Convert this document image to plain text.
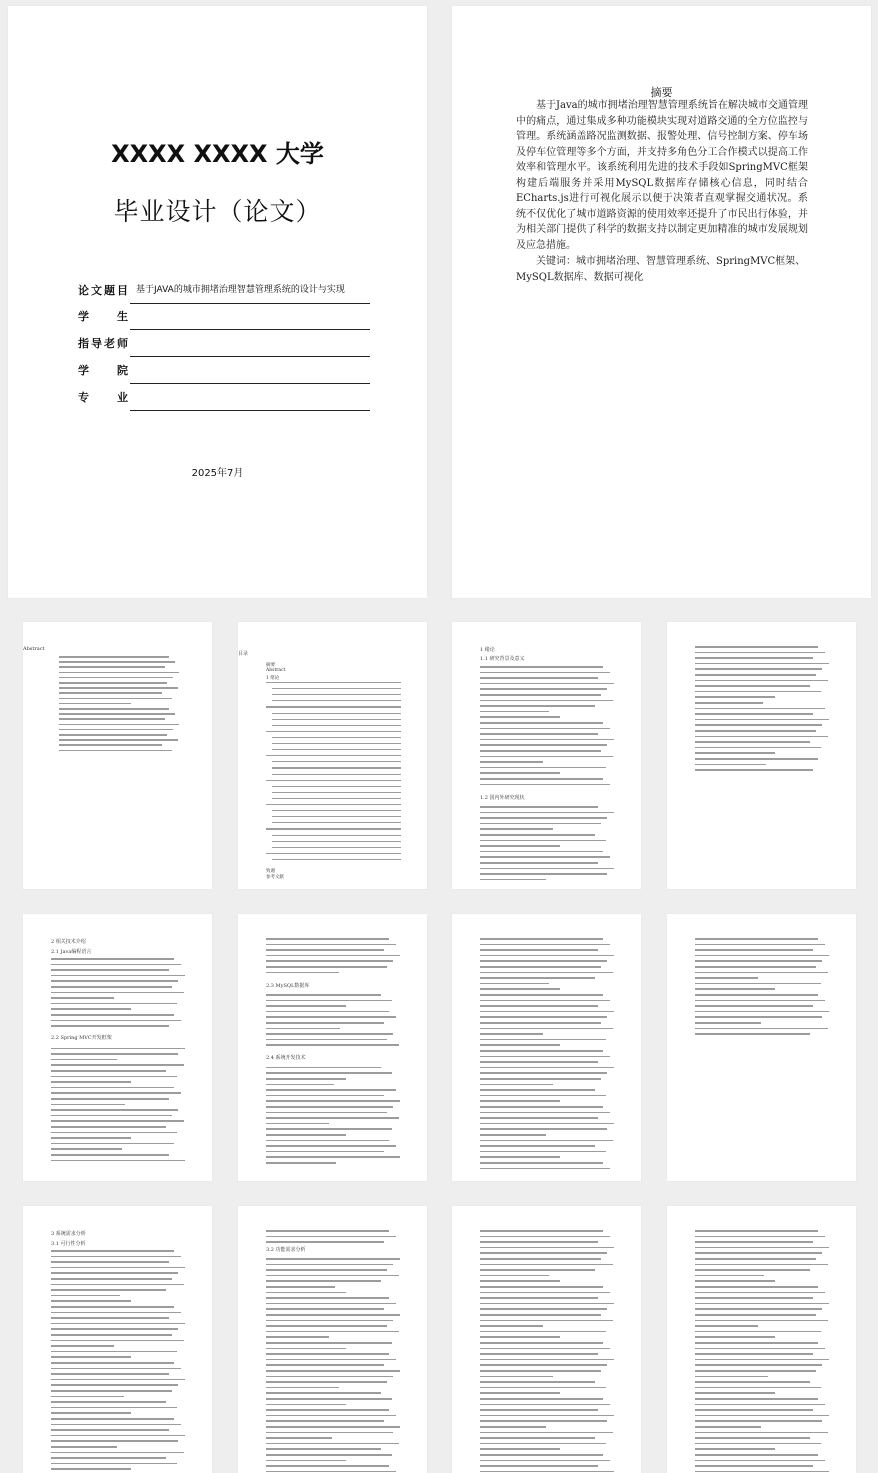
XXXX XXXX 大学
毕业设计（论文）
论文题目 基于JAVA的城市拥堵治理智慧管理系统的设计与实现
学生
指导老师
学院
专业
2025年7月
摘要

基于Java的城市拥堵治理智慧管理系统旨在解决城市交通管理中的痛点，通过集成多种功能模块实现对道路交通的全方位监控与管理。系统涵盖路况监测数据、报警处理、信号控制方案、停车场及停车位管理等多个方面，并支持多角色分工合作模式以提高工作效率和管理水平。该系统利用先进的技术手段如SpringMVC框架构建后端服务并采用MySQL数据库存储核心信息，同时结合ECharts.js进行可视化展示以便于决策者直观掌握交通状况。系统不仅优化了城市道路资源的使用效率还提升了市民出行体验，并为相关部门提供了科学的数据支持以制定更加精准的城市发展规划及应急措施。

关键词：城市拥堵治理、智慧管理系统、SpringMVC框架、MySQL数据库、数据可视化

Abstract
目录
摘要
Abstract
1 绪论
致谢
参考文献
1 绪论
1.1 研究背景及意义
1.2 国内外研究现状
2 相关技术介绍
2.1 Java编程语言
2.2 Spring MVC开发框架
2.3 MySQL数据库
2.4 系统开发技术
3 系统需求分析
3.1 可行性分析
3.2 功能需求分析
